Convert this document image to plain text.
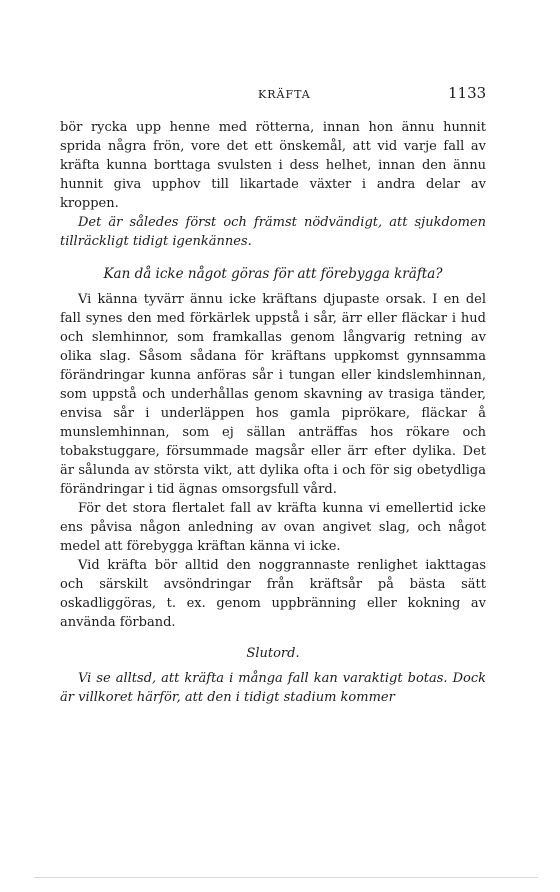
KRÄFTA	1133

bör rycka upp henne med rötterna, innan hon ännu hunnit sprida några frön, vore det ett önskemål, att vid varje fall av kräfta kunna borttaga svulsten i dess helhet, innan den ännu hunnit giva upphov till likartade växter i andra delar av kroppen.

Det är således först och främst nödvändigt, att sjukdomen tillräckligt tidigt igenkännes.

Kan då icke något göras för att förebygga kräfta?

Vi känna tyvärr ännu icke kräftans djupaste orsak. I en del fall synes den med förkärlek uppstå i sår, ärr eller fläckar i hud och slemhinnor, som framkallas genom långvarig retning av olika slag. Såsom sådana för kräftans uppkomst gynnsamma förändringar kunna anföras sår i tungan eller kindslemhinnan, som uppstå och underhållas genom skavning av trasiga tänder, envisa sår i underläppen hos gamla piprökare, fläckar å munslemhinnan, som ej sällan anträffas hos rökare och tobakstuggare, försummade magsår eller ärr efter dylika. Det är sålunda av största vikt, att dylika ofta i och för sig obetydliga förändringar i tid ägnas omsorgsfull vård.

För det stora flertalet fall av kräfta kunna vi emellertid icke ens påvisa någon anledning av ovan angivet slag, och något medel att förebygga kräftan känna vi icke.

Vid kräfta bör alltid den noggrannaste renlighet iakttagas och särskilt avsöndringar från kräftsår på bästa sätt oskadliggöras, t. ex. genom uppbränning eller kokning av använda förband.

Slutord.

Vi se alltsd, att kräfta i många fall kan varaktigt botas. Dock är villkoret härför, att den i tidigt stadium kommer
